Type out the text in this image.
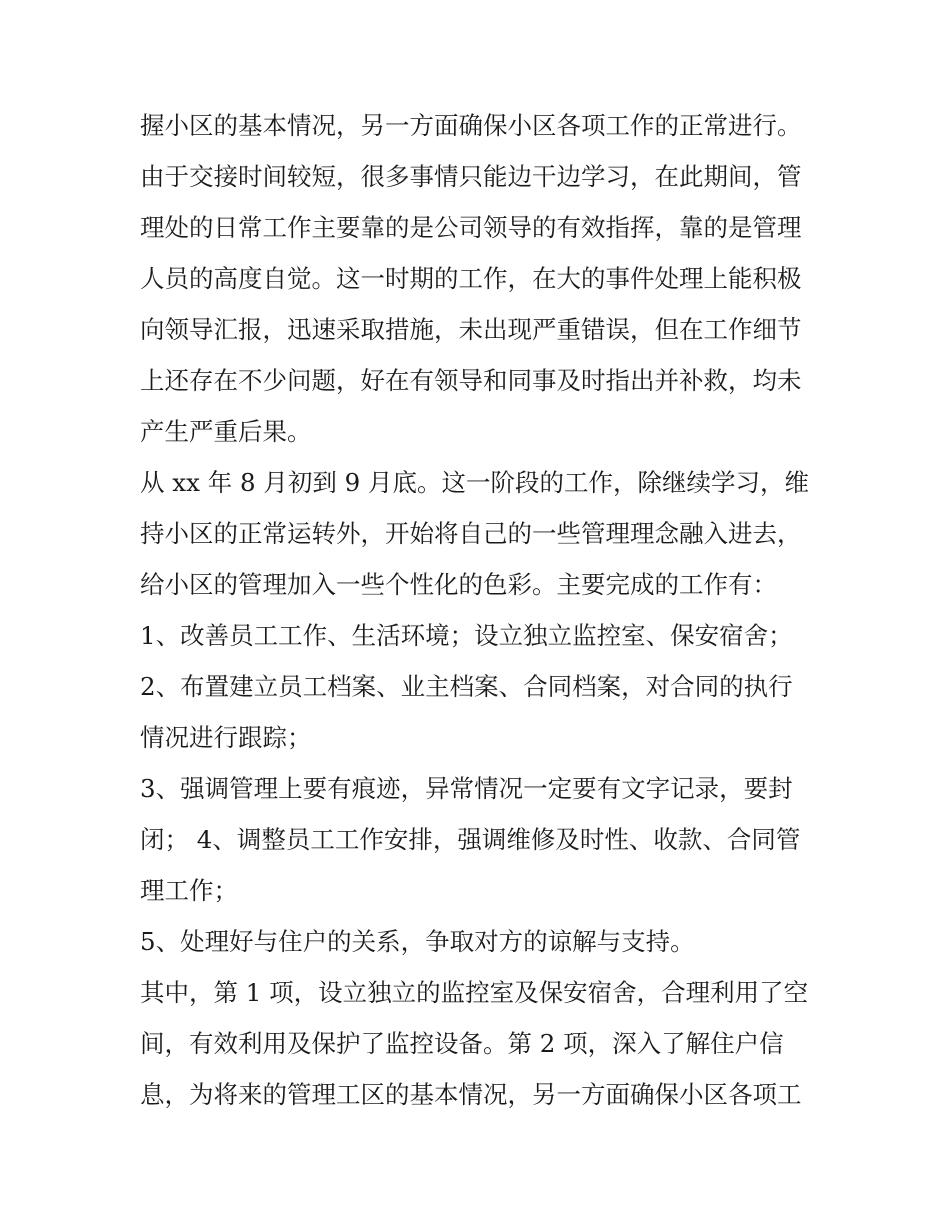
握小区的基本情况，另一方面确保小区各项工作的正常进行。
由于交接时间较短，很多事情只能边干边学习，在此期间，管
理处的日常工作主要靠的是公司领导的有效指挥，靠的是管理
人员的高度自觉。这一时期的工作，在大的事件处理上能积极
向领导汇报，迅速采取措施，未出现严重错误，但在工作细节
上还存在不少问题，好在有领导和同事及时指出并补救，均未
产生严重后果。
从 xx 年 8 月初到 9 月底。这一阶段的工作，除继续学习，维
持小区的正常运转外，开始将自己的一些管理理念融入进去，
给小区的管理加入一些个性化的色彩。主要完成的工作有：
1、改善员工工作、生活环境；设立独立监控室、保安宿舍；
2、布置建立员工档案、业主档案、合同档案，对合同的执行
情况进行跟踪；
3、强调管理上要有痕迹，异常情况一定要有文字记录，要封
闭； 4、调整员工工作安排，强调维修及时性、收款、合同管
理工作；
5、处理好与住户的关系，争取对方的谅解与支持。
其中，第 1 项，设立独立的监控室及保安宿舍，合理利用了空
间，有效利用及保护了监控设备。第 2 项，深入了解住户信
息，为将来的管理工区的基本情况，另一方面确保小区各项工
